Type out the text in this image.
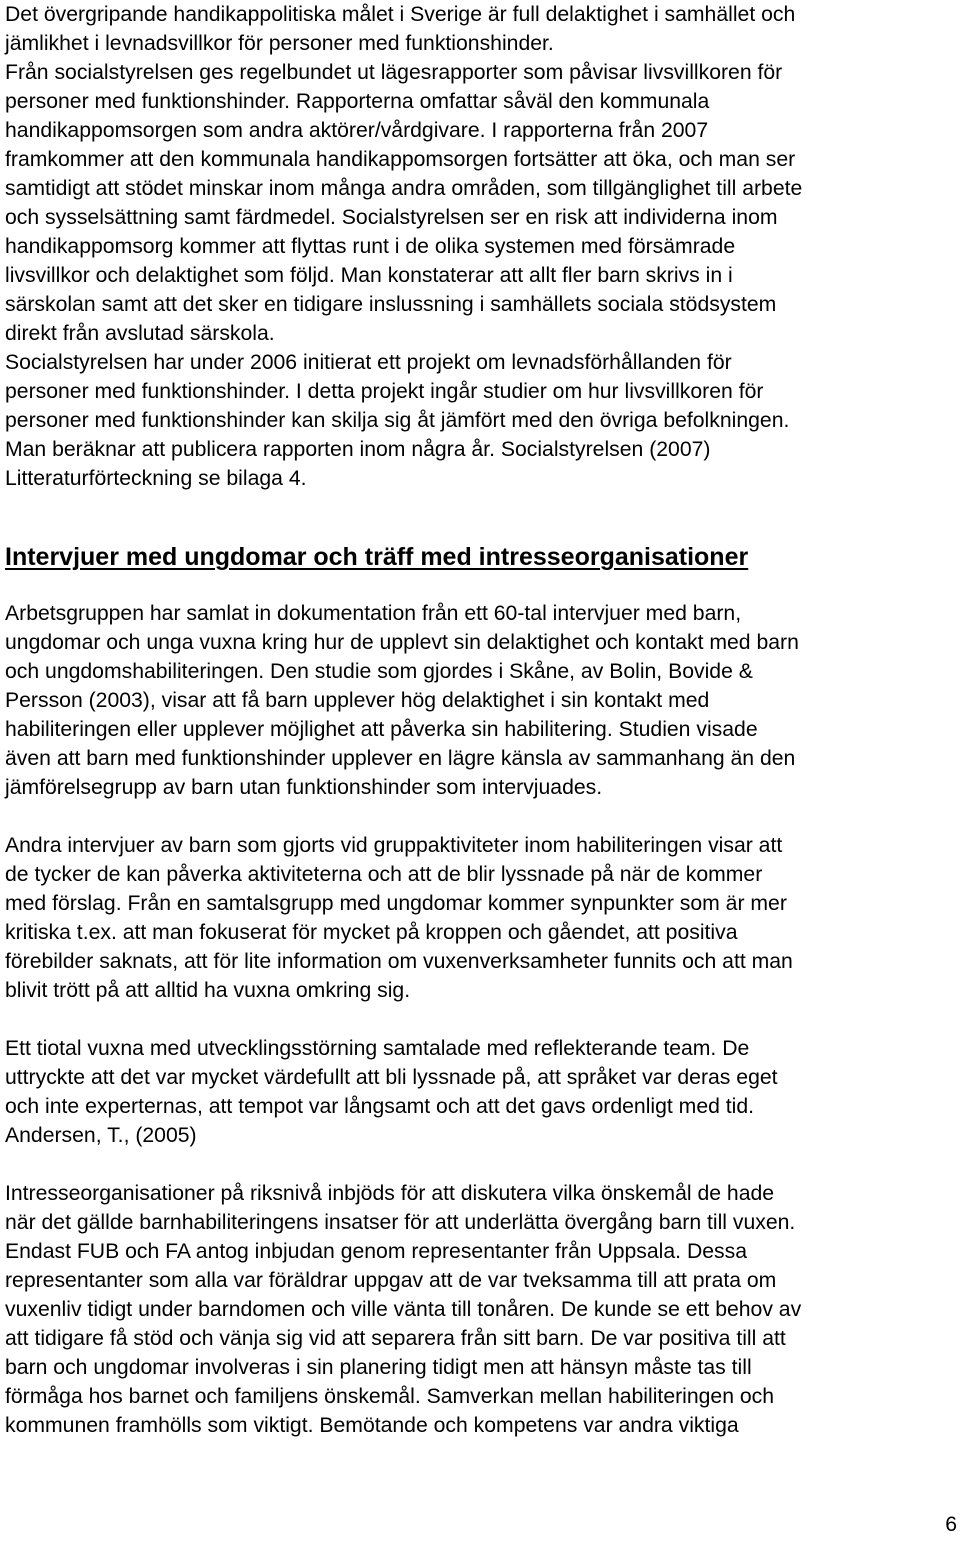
Det övergripande handikappolitiska målet i Sverige är full delaktighet i samhället och
jämlikhet i levnadsvillkor för personer med funktionshinder.
Från socialstyrelsen ges regelbundet ut lägesrapporter som påvisar livsvillkoren för
personer med funktionshinder. Rapporterna omfattar såväl den kommunala
handikappomsorgen som andra aktörer/vårdgivare. I rapporterna från 2007
framkommer att den kommunala handikappomsorgen fortsätter att öka, och man ser
samtidigt att stödet minskar inom många andra områden, som tillgänglighet till arbete
och sysselsättning samt färdmedel. Socialstyrelsen ser en risk att individerna inom
handikappomsorg kommer att flyttas runt i de olika systemen med försämrade
livsvillkor och delaktighet som följd. Man konstaterar att allt fler barn skrivs in i
särskolan samt att det sker en tidigare inslussning i samhällets sociala stödsystem
direkt från avslutad särskola.

Socialstyrelsen har under 2006 initierat ett projekt om levnadsförhållanden för
personer med funktionshinder. I detta projekt ingår studier om hur livsvillkoren för
personer med funktionshinder kan skilja sig åt jämfört med den övriga befolkningen.
Man beräknar att publicera rapporten inom några år. Socialstyrelsen (2007)
Litteraturförteckning se bilaga 4.

Intervjuer med ungdomar och träff med intresseorganisationer

Arbetsgruppen har samlat in dokumentation från ett 60-tal intervjuer med barn,
ungdomar och unga vuxna kring hur de upplevt sin delaktighet och kontakt med barn
och ungdomshabiliteringen. Den studie som gjordes i Skåne, av Bolin, Bovide &
Persson (2003), visar att få barn upplever hög delaktighet i sin kontakt med
habiliteringen eller upplever möjlighet att påverka sin habilitering. Studien visade
även att barn med funktionshinder upplever en lägre känsla av sammanhang än den
jämförelsegrupp av barn utan funktionshinder som intervjuades.

Andra intervjuer av barn som gjorts vid gruppaktiviteter inom habiliteringen visar att
de tycker de kan påverka aktiviteterna och att de blir lyssnade på när de kommer
med förslag. Från en samtalsgrupp med ungdomar kommer synpunkter som är mer
kritiska t.ex. att man fokuserat för mycket på kroppen och gåendet, att positiva
förebilder saknats, att för lite information om vuxenverksamheter funnits och att man
blivit trött på att alltid ha vuxna omkring sig.

Ett tiotal vuxna med utvecklingsstörning samtalade med reflekterande team. De
uttryckte att det var mycket värdefullt att bli lyssnade på, att språket var deras eget
och inte experternas, att tempot var långsamt och att det gavs ordenligt med tid.
Andersen, T., (2005)

Intresseorganisationer på riksnivå inbjöds för att diskutera vilka önskemål de hade
när det gällde barnhabiliteringens insatser för att underlätta övergång barn till vuxen.
Endast FUB och FA antog inbjudan genom representanter från Uppsala. Dessa
representanter som alla var föräldrar uppgav att de var tveksamma till att prata om
vuxenliv tidigt under barndomen och ville vänta till tonåren. De kunde se ett behov av
att tidigare få stöd och vänja sig vid att separera från sitt barn. De var positiva till att
barn och ungdomar involveras i sin planering tidigt men att hänsyn måste tas till
förmåga hos barnet och familjens önskemål. Samverkan mellan habiliteringen och
kommunen framhölls som viktigt. Bemötande och kompetens var andra viktiga

6
